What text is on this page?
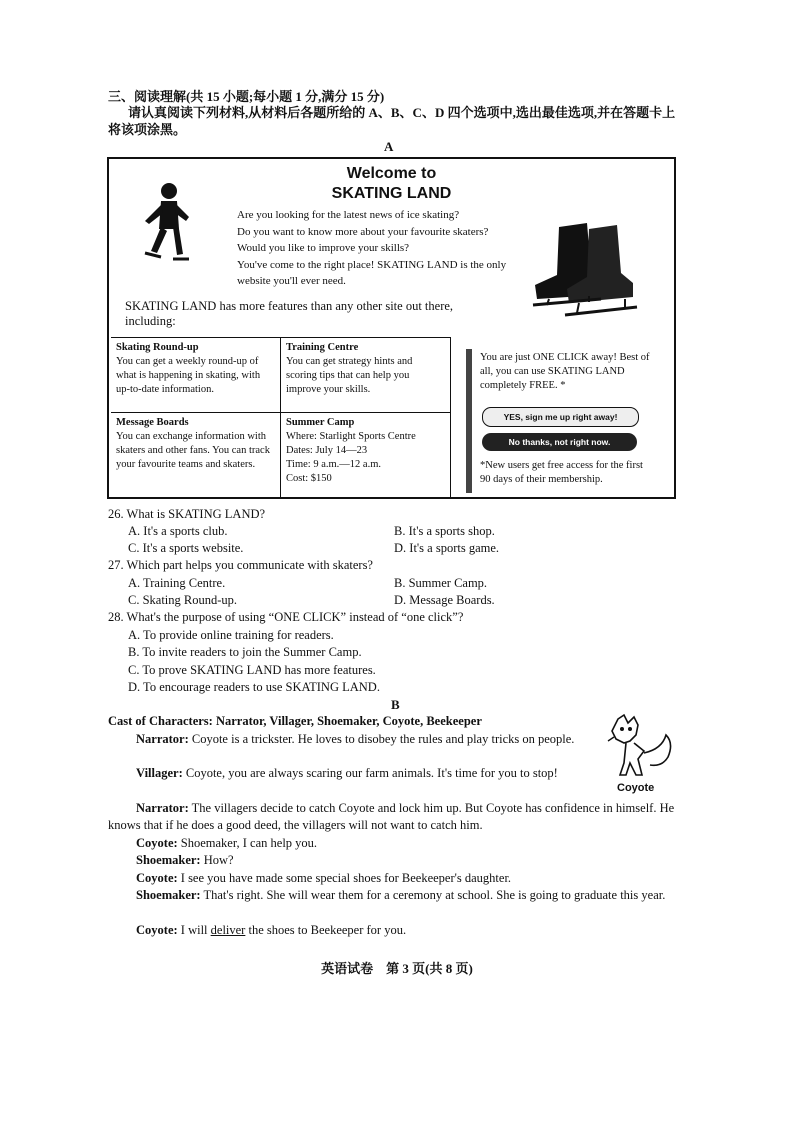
三、阅读理解(共 15 小题;每小题 1 分,满分 15 分)
请认真阅读下列材料,从材料后各题所给的 A、B、C、D 四个选项中,选出最佳选项,并在答题卡上将该项涂黑。
A
Welcome to
SKATING LAND
Are you looking for the latest news of ice skating?
Do you want to know more about your favourite skaters?
Would you like to improve your skills?
You've come to the right place! SKATING LAND is the only website you'll ever need.
SKATING LAND has more features than any other site out there, including:
Skating Round-up
You can get a weekly round-up of what is happening in skating, with up-to-date information.
Training Centre
You can get strategy hints and scoring tips that can help you improve your skills.
Message Boards
You can exchange information with skaters and other fans. You can track your favourite teams and skaters.
Summer Camp
Where: Starlight Sports Centre
Dates: July 14—23
Time: 9 a.m.—12 a.m.
Cost: $150
You are just ONE CLICK away! Best of all, you can use SKATING LAND completely FREE. *
YES, sign me up right away!
No thanks, not right now.
*New users get free access for the first 90 days of their membership.
26. What is SKATING LAND?
A. It's a sports club.	B. It's a sports shop.
C. It's a sports website.	D. It's a sports game.
27. Which part helps you communicate with skaters?
A. Training Centre.	B. Summer Camp.
C. Skating Round-up.	D. Message Boards.
28. What's the purpose of using “ONE CLICK” instead of “one click”?
A. To provide online training for readers.
B. To invite readers to join the Summer Camp.
C. To prove SKATING LAND has more features.
D. To encourage readers to use SKATING LAND.
B
Cast of Characters: Narrator, Villager, Shoemaker, Coyote, Beekeeper
Coyote
Narrator: Coyote is a trickster. He loves to disobey the rules and play tricks on people.
Villager: Coyote, you are always scaring our farm animals. It's time for you to stop!
Narrator: The villagers decide to catch Coyote and lock him up. But Coyote has confidence in himself. He knows that if he does a good deed, the villagers will not want to catch him.
Coyote: Shoemaker, I can help you.
Shoemaker: How?
Coyote: I see you have made some special shoes for Beekeeper's daughter.
Shoemaker: That's right. She will wear them for a ceremony at school. She is going to graduate this year.
Coyote: I will deliver the shoes to Beekeeper for you.
英语试卷　第 3 页(共 8 页)
